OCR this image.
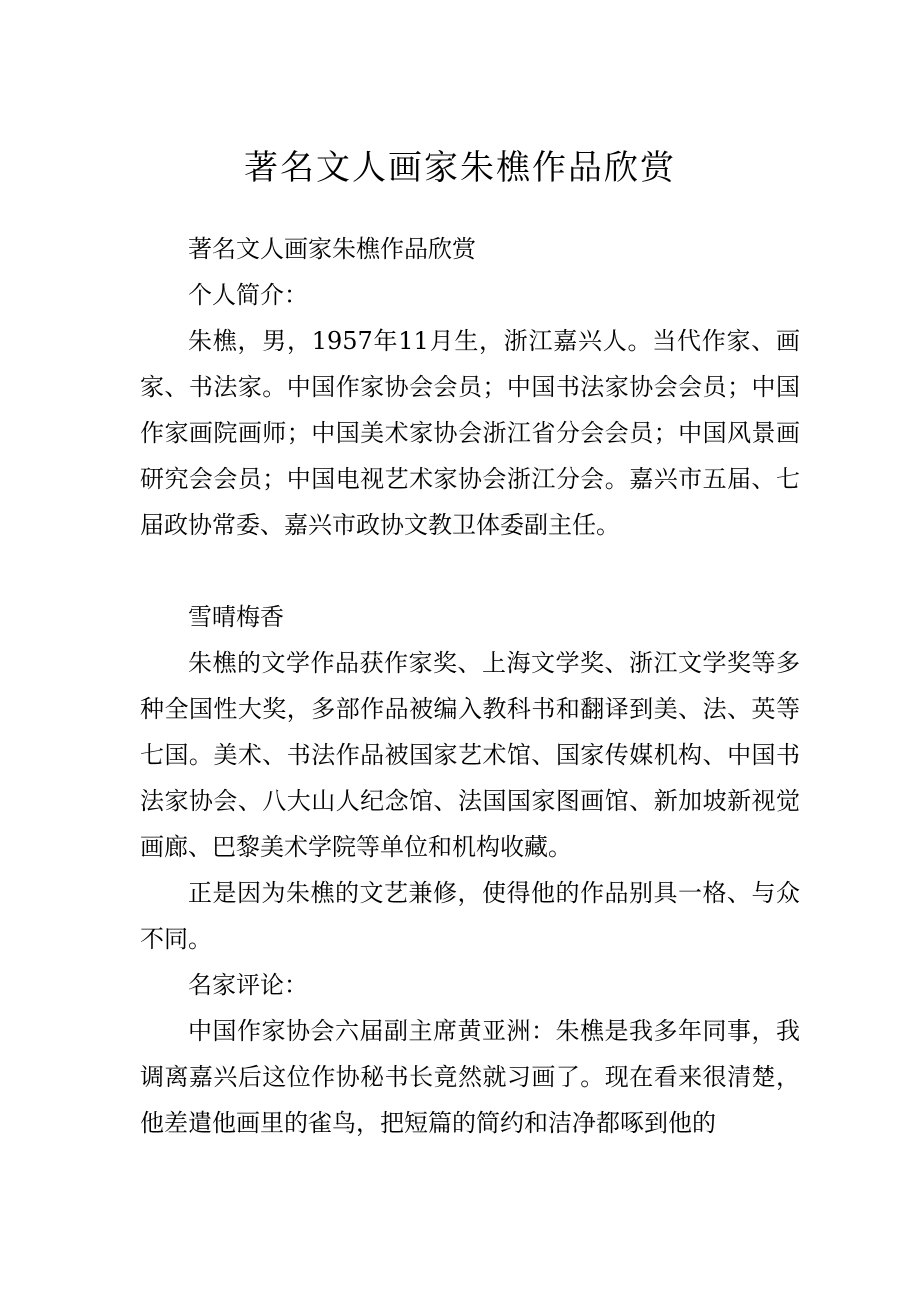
著名文人画家朱樵作品欣赏

著名文人画家朱樵作品欣赏

个人简介：

朱樵，男，1957年11月生，浙江嘉兴人。当代作家、画家、书法家。中国作家协会会员；中国书法家协会会员；中国作家画院画师；中国美术家协会浙江省分会会员；中国风景画研究会会员；中国电视艺术家协会浙江分会。嘉兴市五届、七届政协常委、嘉兴市政协文教卫体委副主任。

雪晴梅香

朱樵的文学作品获作家奖、上海文学奖、浙江文学奖等多种全国性大奖，多部作品被编入教科书和翻译到美、法、英等七国。美术、书法作品被国家艺术馆、国家传媒机构、中国书法家协会、八大山人纪念馆、法国国家图画馆、新加坡新视觉画廊、巴黎美术学院等单位和机构收藏。

正是因为朱樵的文艺兼修，使得他的作品别具一格、与众不同。

名家评论：

中国作家协会六届副主席黄亚洲：朱樵是我多年同事，我调离嘉兴后这位作协秘书长竟然就习画了。现在看来很清楚，他差遣他画里的雀鸟，把短篇的简约和洁净都啄到他的
